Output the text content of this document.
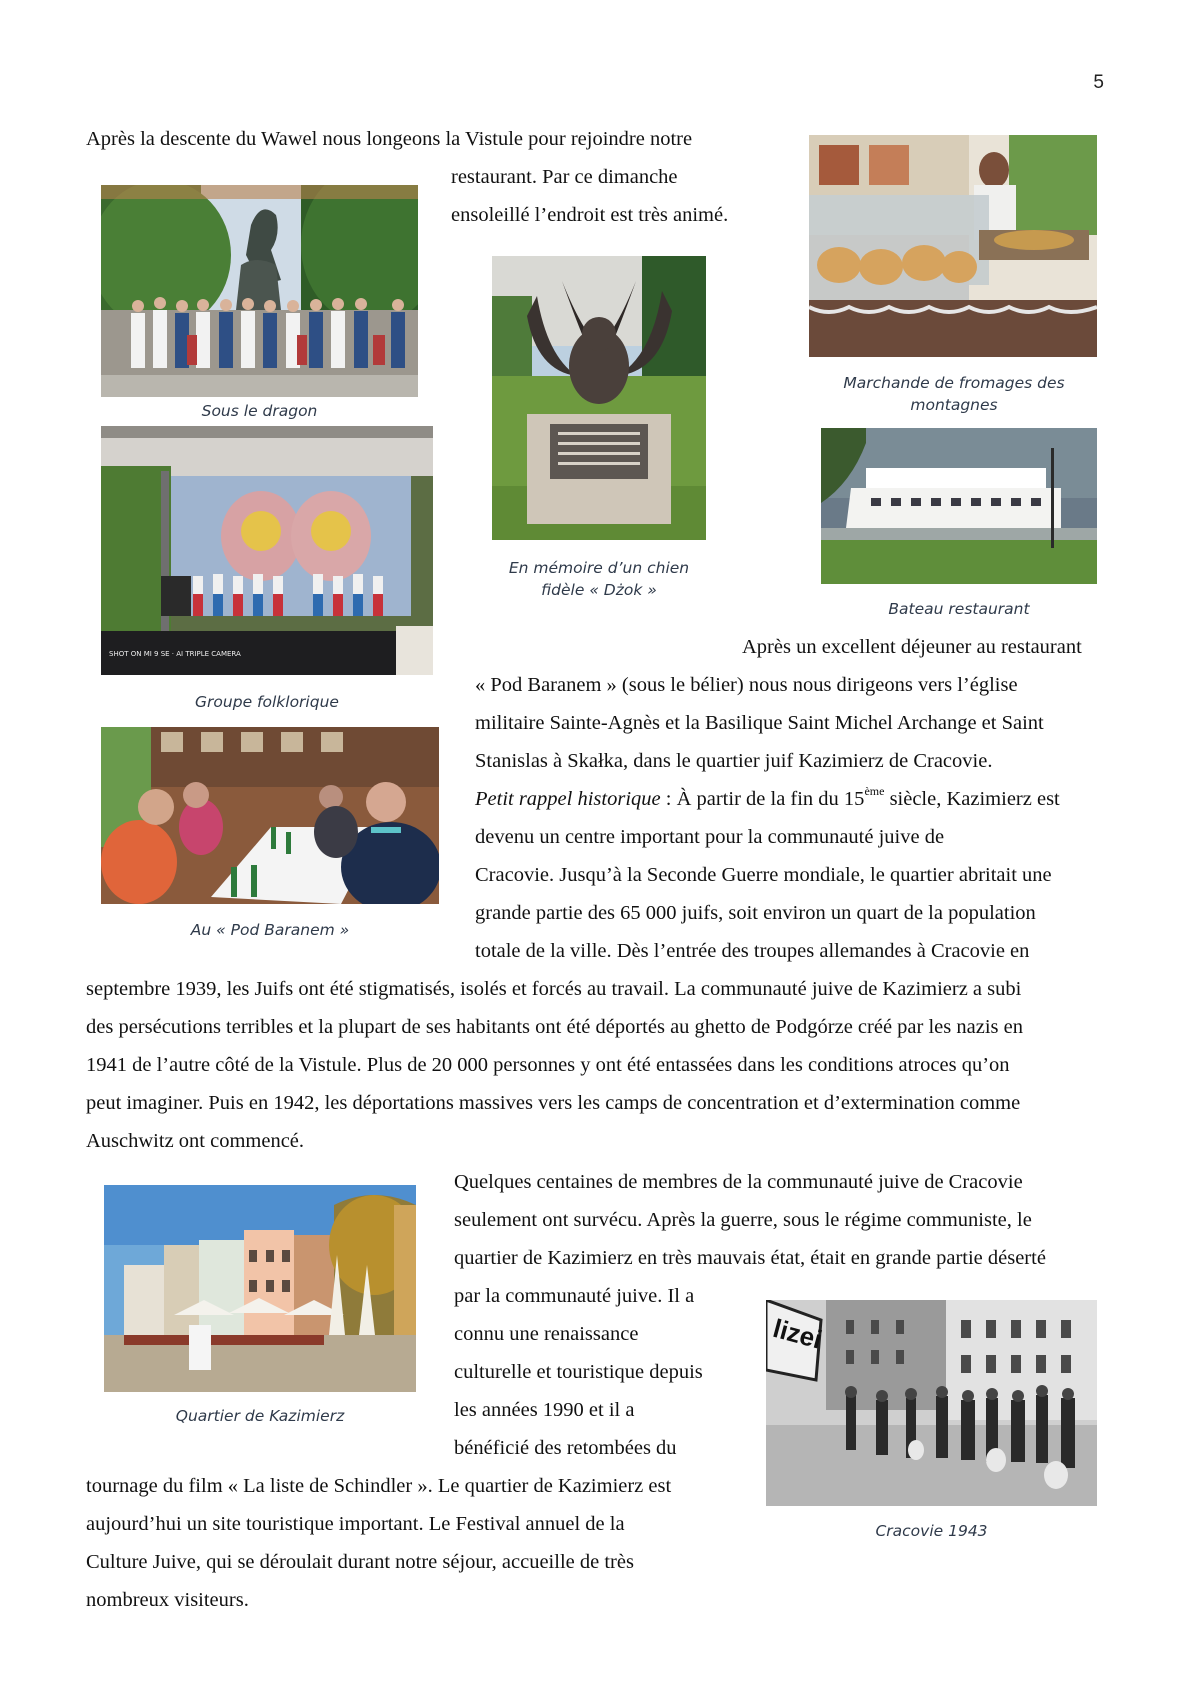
5
Après la descente du Wawel nous longeons la Vistule pour rejoindre notre
restaurant. Par ce dimanche
ensoleillé l’endroit est très animé.
Après un excellent déjeuner au restaurant
« Pod Baranem » (sous le bélier) nous nous dirigeons vers l’église
militaire Sainte-Agnès et la Basilique Saint Michel Archange et Saint
Stanislas à Skałka, dans le quartier juif Kazimierz de Cracovie.
Petit rappel historique : À partir de la fin du 15ème siècle, Kazimierz est
devenu un centre important pour la communauté juive de
Cracovie. Jusqu’à la Seconde Guerre mondiale, le quartier abritait une
grande partie des 65 000 juifs, soit environ un quart de la population
totale de la ville. Dès l’entrée des troupes allemandes à Cracovie en
septembre 1939, les Juifs ont été stigmatisés, isolés et forcés au travail. La communauté juive de Kazimierz a subi
des persécutions terribles et la plupart de ses habitants ont été déportés au ghetto de Podgórze créé par les nazis en
1941 de l’autre côté de la Vistule. Plus de 20 000 personnes y ont été entassées dans les conditions atroces qu’on
peut imaginer. Puis en 1942, les déportations massives vers les camps de concentration et d’extermination comme
Auschwitz ont commencé.
Quelques centaines de membres de la communauté juive de Cracovie
seulement ont survécu. Après la guerre, sous le régime communiste, le
quartier de Kazimierz en très mauvais état, était en grande partie déserté
par la communauté juive. Il a
connu une renaissance
culturelle et touristique depuis
les années 1990 et il a
bénéficié des retombées du
tournage du film « La liste de Schindler ». Le quartier de Kazimierz est
aujourd’hui un site touristique important. Le Festival annuel de la
Culture Juive, qui se déroulait durant notre séjour, accueille de très
nombreux visiteurs.
Sous le dragon
En mémoire d’un chien fidèle « Dżok »
Marchande de fromages des montagnes
Bateau restaurant
SHOT ON MI 9 SE · AI TRIPLE CAMERA
Groupe folklorique
Au « Pod Baranem »
Quartier de Kazimierz
lizei
Cracovie 1943
